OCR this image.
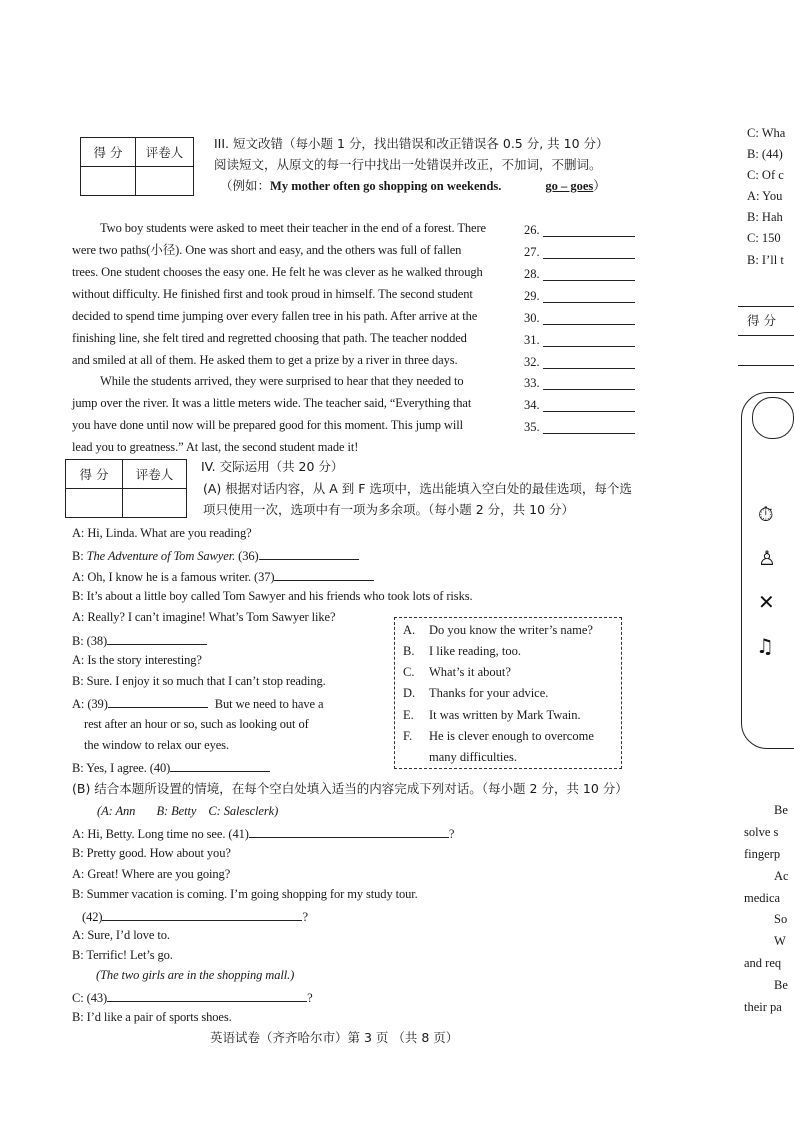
得 分	评卷人

III. 短文改错（每小题 1 分，找出错误和改正错误各 0.5 分, 共 10 分）
阅读短文，从原文的每一行中找出一处错误并改正，不加词，不删词。
（例如：My mother often go shopping on weekends.	go – goes）
Two boy students were asked to meet their teacher in the end of a forest. There
were two paths(小径). One was short and easy, and the others was full of fallen
trees. One student chooses the easy one. He felt he was clever as he walked through
without difficulty. He finished first and took proud in himself. The second student
decided to spend time jumping over every fallen tree in his path. After arrive at the
finishing line, she felt tired and regretted choosing that path. The teacher nodded
and smiled at all of them. He asked them to get a prize by a river in three days.
While the students arrived, they were surprised to hear that they needed to
jump over the river. It was a little meters wide. The teacher said, “Everything that
you have done until now will be prepared good for this moment. This jump will
lead you to greatness.” At last, the second student made it!
26.
27.
28.
29.
30.
31.
32.
33.
34.
35.
得 分	评卷人

IV. 交际运用（共 20 分）
(A) 根据对话内容，从 A 到 F 选项中，选出能填入空白处的最佳选项，每个选
项只使用一次，选项中有一项为多余项。（每小题 2 分，共 10 分）
A: Hi, Linda. What are you reading?
B: The Adventure of Tom Sawyer. (36)
A: Oh, I know he is a famous writer. (37)
B: It’s about a little boy called Tom Sawyer and his friends who took lots of risks.
A: Really? I can’t imagine! What’s Tom Sawyer like?
B: (38)
A: Is the story interesting?
B: Sure. I enjoy it so much that I can’t stop reading.
A: (39)	But we need to have a
rest after an hour or so, such as looking out of
the window to relax our eyes.
B: Yes, I agree. (40)
A. Do you know the writer’s name?
B. I like reading, too.
C. What’s it about?
D. Thanks for your advice.
E. It was written by Mark Twain.
F. He is clever enough to overcome
many difficulties.
(B) 结合本题所设置的情境，在每个空白处填入适当的内容完成下列对话。（每小题 2 分，共 10 分）
(A: Ann       B: Betty    C: Salesclerk)
A: Hi, Betty. Long time no see. (41)	?
B: Pretty good. How about you?
A: Great! Where are you going?
B: Summer vacation is coming. I’m going shopping for my study tour.
(42)	?
A: Sure, I’d love to.
B: Terrific! Let’s go.
(The two girls are in the shopping mall.)
C: (43)	?
B: I’d like a pair of sports shoes.
英语试卷（齐齐哈尔市）第 3 页 （共 8 页）
C: Wha
B: (44)
C: Of c
A: You
B: Hah
C: 150
B: I’ll t
得 分
⏱
♙
✕
♫
Be
solve s
fingerp
Ac
medica
So
W
and req
Be
their pa
